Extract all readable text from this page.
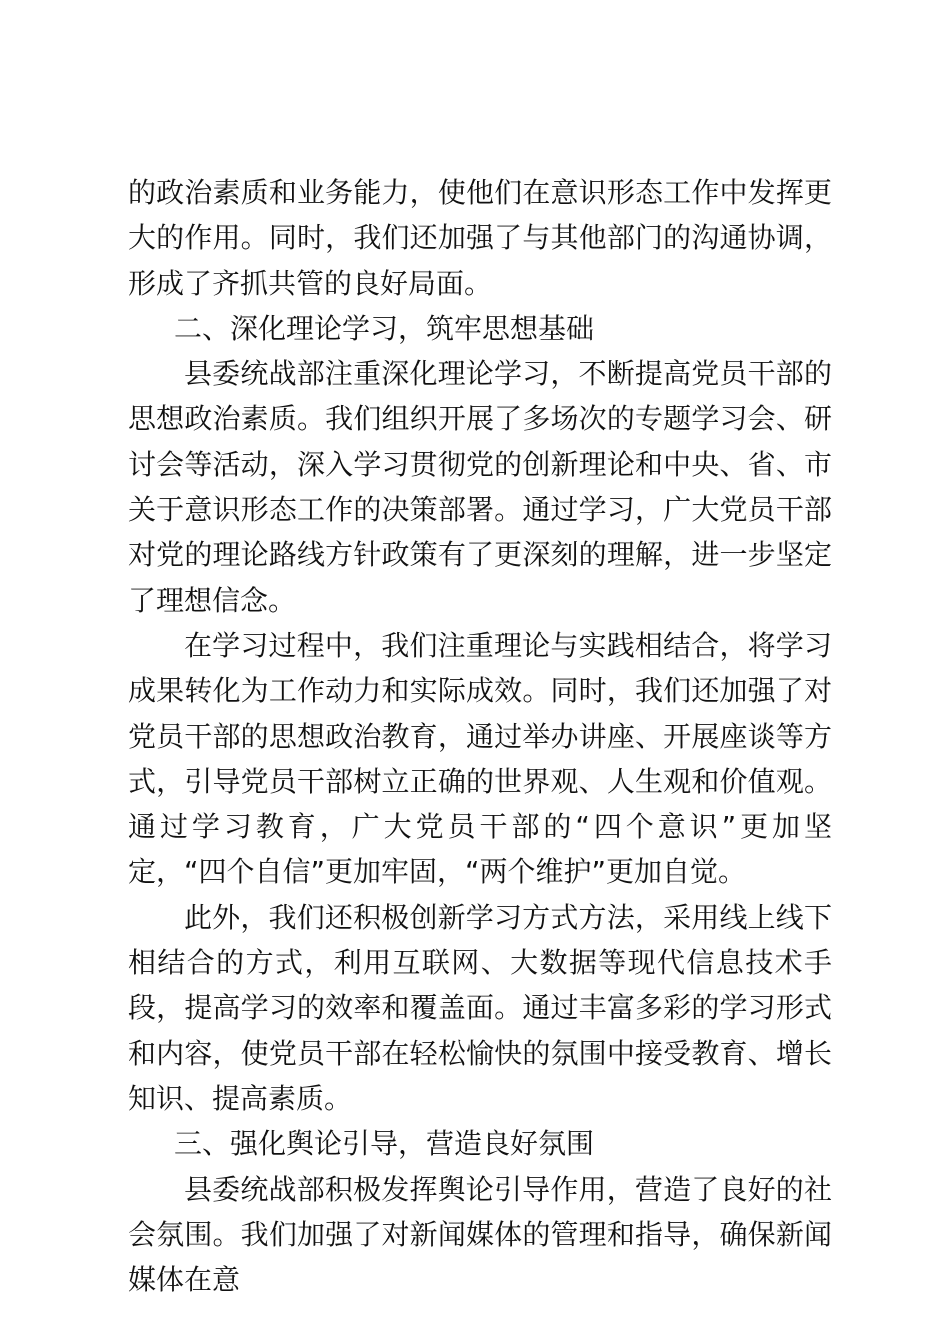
的政治素质和业务能力，使他们在意识形态工作中发挥更大的作用。同时，我们还加强了与其他部门的沟通协调，形成了齐抓共管的良好局面。

二、深化理论学习，筑牢思想基础

县委统战部注重深化理论学习，不断提高党员干部的思想政治素质。我们组织开展了多场次的专题学习会、研讨会等活动，深入学习贯彻党的创新理论和中央、省、市关于意识形态工作的决策部署。通过学习，广大党员干部对党的理论路线方针政策有了更深刻的理解，进一步坚定了理想信念。

在学习过程中，我们注重理论与实践相结合，将学习成果转化为工作动力和实际成效。同时，我们还加强了对党员干部的思想政治教育，通过举办讲座、开展座谈等方式，引导党员干部树立正确的世界观、人生观和价值观。通过学习教育，广大党员干部的“四个意识”更加坚定，“四个自信”更加牢固，“两个维护”更加自觉。

此外，我们还积极创新学习方式方法，采用线上线下相结合的方式，利用互联网、大数据等现代信息技术手段，提高学习的效率和覆盖面。通过丰富多彩的学习形式和内容，使党员干部在轻松愉快的氛围中接受教育、增长知识、提高素质。

三、强化舆论引导，营造良好氛围

县委统战部积极发挥舆论引导作用，营造了良好的社会氛围。我们加强了对新闻媒体的管理和指导，确保新闻媒体在意
